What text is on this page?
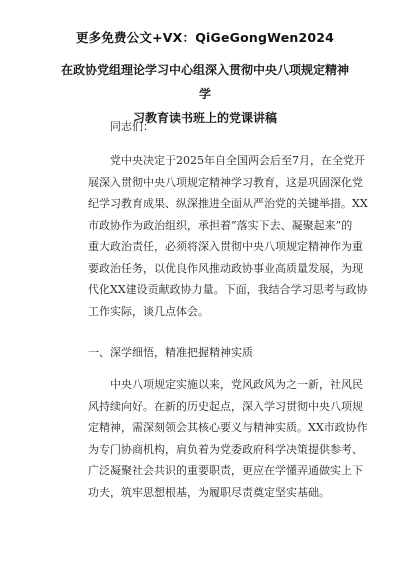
更多免费公文+VX：QiGeGongWen2024
在政协党组理论学习中心组深入贯彻中央八项规定精神学
习教育读书班上的党课讲稿
同志们：
党中央决定于2025年自全国两会后至7月，在全党开
展深入贯彻中央八项规定精神学习教育，这是巩固深化党
纪学习教育成果、纵深推进全面从严治党的关键举措。XX
市政协作为政治组织，承担着“落实下去、凝聚起来”的
重大政治责任，必须将深入贯彻中央八项规定精神作为重
要政治任务，以优良作风推动政协事业高质量发展，为现
代化XX建设贡献政协力量。下面，我结合学习思考与政协
工作实际，谈几点体会。
一、深学细悟，精准把握精神实质
中央八项规定实施以来，党风政风为之一新，社风民
风持续向好。在新的历史起点，深入学习贯彻中央八项规
定精神，需深刻领会其核心要义与精神实质。XX市政协作
为专门协商机构，肩负着为党委政府科学决策提供参考、
广泛凝聚社会共识的重要职责，更应在学懂弄通做实上下
功夫，筑牢思想根基，为履职尽责奠定坚实基础。
